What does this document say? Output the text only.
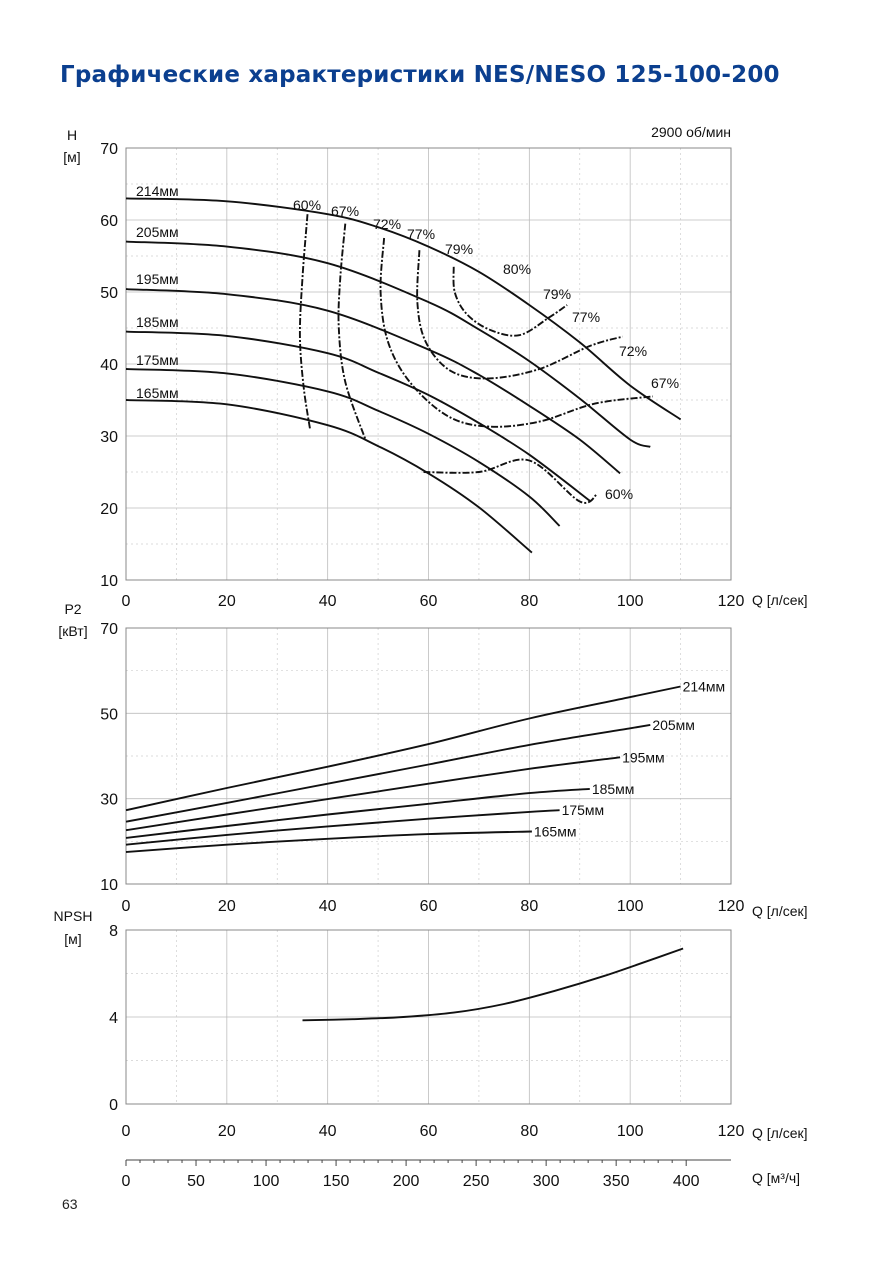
Графические характеристики NES/NESO 125-100-200
0	20	40	60	80	100	120
10
20
30
40
50
60
70
Q [л/сек]
H
[м]
2900 об/мин
214мм
205мм
195мм
185мм
175мм
165мм
60% 67%
72%
77%
79%
80%
79%
77%
72%
67%
60%
0	20	40	60	80	100	120
10
30
50
70
Q [л/сек]
P2
[кВт]
214мм
205мм
195мм
185мм
175мм
165мм
0	20	40	60	80	100	120
0
4
8
Q [л/сек]
NPSH
[м]
0	50	100	150	200	250	300	350	400	Q [м³/ч]
63
